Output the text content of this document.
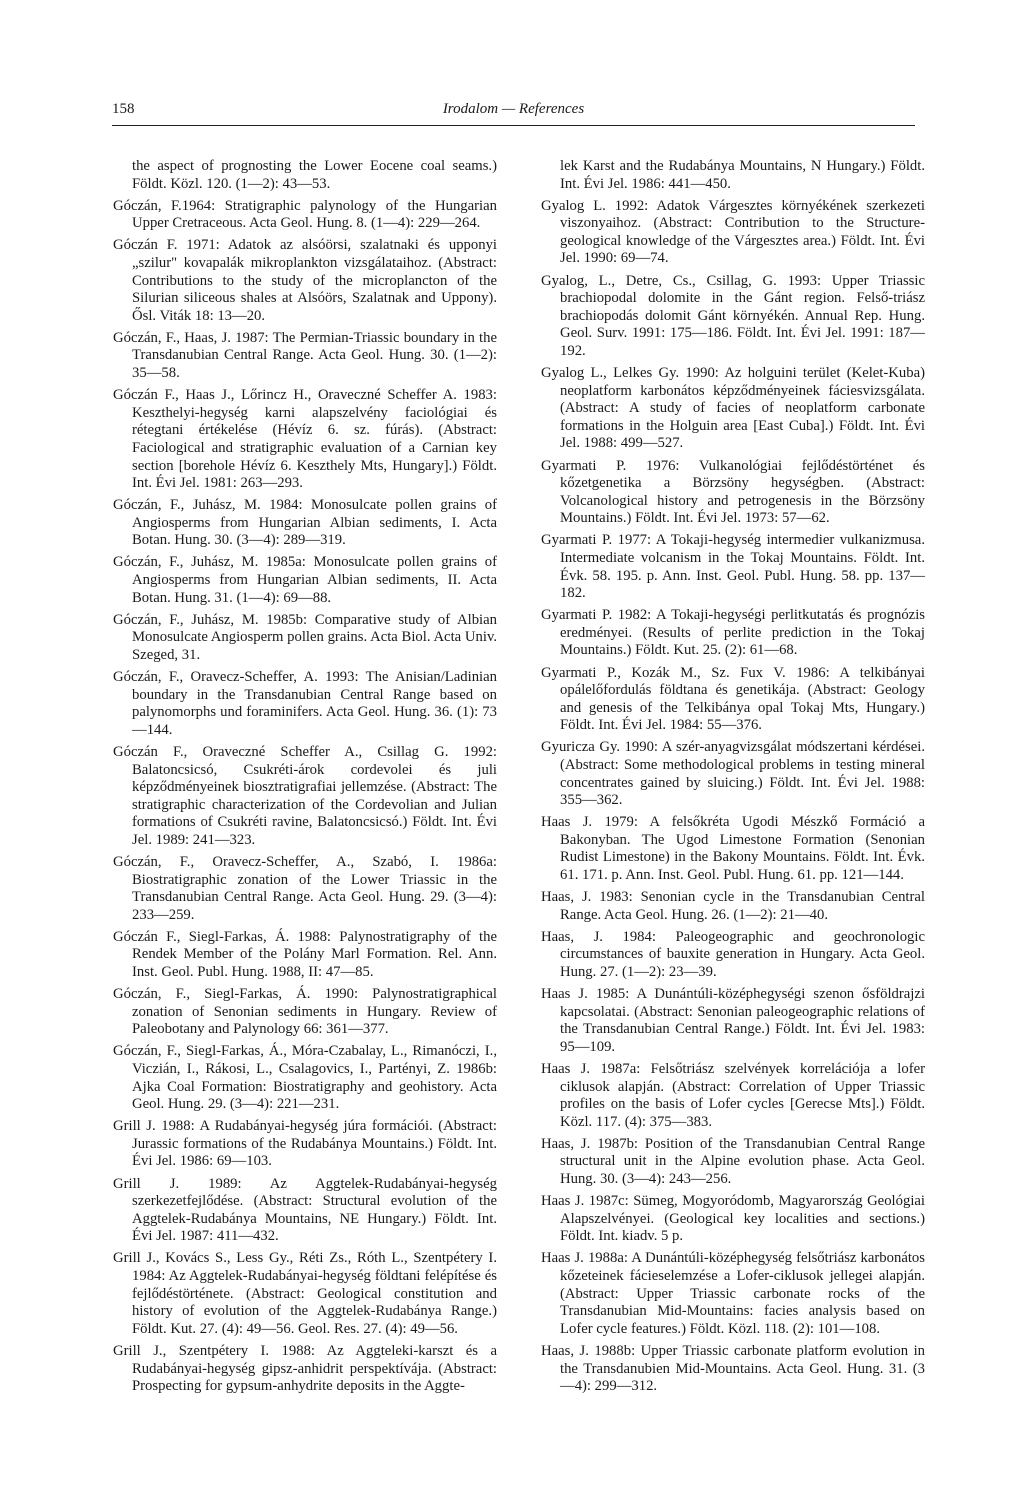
158	Irodalom — References

the aspect of prognosting the Lower Eocene coal seams.) Földt. Közl. 120. (1—2): 43—53.

Góczán, F.1964: Stratigraphic palynology of the Hungarian Upper Cretraceous. Acta Geol. Hung. 8. (1—4): 229—264.

Góczán F. 1971: Adatok az alsóörsi, szalatnaki és upponyi „szilur" kovapalák mikroplankton vizsgálataihoz. (Abstract: Contributions to the study of the microplancton of the Silurian siliceous shales at Alsóörs, Szalatnak and Uppony). Ősl. Viták 18: 13—20.

Góczán, F., Haas, J. 1987: The Permian-Triassic boundary in the Transdanubian Central Range. Acta Geol. Hung. 30. (1—2): 35—58.

Góczán F., Haas J., Lőrincz H., Oraveczné Scheffer A. 1983: Keszthelyi-hegység karni alapszelvény faciológiai és rétegtani értékelése (Hévíz 6. sz. fúrás). (Abstract: Faciological and stratigraphic evaluation of a Carnian key section [borehole Hévíz 6. Keszthely Mts, Hungary].) Földt. Int. Évi Jel. 1981: 263—293.

Góczán, F., Juhász, M. 1984: Monosulcate pollen grains of Angiosperms from Hungarian Albian sediments, I. Acta Botan. Hung. 30. (3—4): 289—319.

Góczán, F., Juhász, M. 1985a: Monosulcate pollen grains of Angiosperms from Hungarian Albian sediments, II. Acta Botan. Hung. 31. (1—4): 69—88.

Góczán, F., Juhász, M. 1985b: Comparative study of Albian Monosulcate Angiosperm pollen grains. Acta Biol. Acta Univ. Szeged, 31.

Góczán, F., Oravecz-Scheffer, A. 1993: The Anisian/Ladinian boundary in the Transdanubian Central Range based on palynomorphs und foraminifers. Acta Geol. Hung. 36. (1): 73—144.

Góczán F., Oraveczné Scheffer A., Csillag G. 1992: Balatoncsicsó, Csukréti-árok cordevolei és juli képződményeinek biosztratigrafiai jellemzése. (Abstract: The stratigraphic characterization of the Cordevolian and Julian formations of Csukréti ravine, Balatoncsicsó.) Földt. Int. Évi Jel. 1989: 241—323.

Góczán, F., Oravecz-Scheffer, A., Szabó, I. 1986a: Biostratigraphic zonation of the Lower Triassic in the Transdanubian Central Range. Acta Geol. Hung. 29. (3—4): 233—259.

Góczán F., Siegl-Farkas, Á. 1988: Palynostratigraphy of the Rendek Member of the Polány Marl Formation. Rel. Ann. Inst. Geol. Publ. Hung. 1988, II: 47—85.

Góczán, F., Siegl-Farkas, Á. 1990: Palynostratigraphical zonation of Senonian sediments in Hungary. Review of Paleobotany and Palynology 66: 361—377.

Góczán, F., Siegl-Farkas, Á., Móra-Czabalay, L., Rimanóczi, I., Viczián, I., Rákosi, L., Csalagovics, I., Partényi, Z. 1986b: Ajka Coal Formation: Biostratigraphy and geohistory. Acta Geol. Hung. 29. (3—4): 221—231.

Grill J. 1988: A Rudabányai-hegység júra formációi. (Abstract: Jurassic formations of the Rudabánya Mountains.) Földt. Int. Évi Jel. 1986: 69—103.

Grill J. 1989: Az Aggtelek-Rudabányai-hegység szerkezetfejlődése. (Abstract: Structural evolution of the Aggtelek-Rudabánya Mountains, NE Hungary.) Földt. Int. Évi Jel. 1987: 411—432.

Grill J., Kovács S., Less Gy., Réti Zs., Róth L., Szentpétery I. 1984: Az Aggtelek-Rudabányai-hegység földtani felépítése és fejlődéstörténete. (Abstract: Geological constitution and history of evolution of the Aggtelek-Rudabánya Range.) Földt. Kut. 27. (4): 49—56. Geol. Res. 27. (4): 49—56.

Grill J., Szentpétery I. 1988: Az Aggteleki-karszt és a Rudabányai-hegység gipsz-anhidrit perspektívája. (Abstract: Prospecting for gypsum-anhydrite deposits in the Aggte-

lek Karst and the Rudabánya Mountains, N Hungary.) Földt. Int. Évi Jel. 1986: 441—450.

Gyalog L. 1992: Adatok Várgesztes környékének szerkezeti viszonyaihoz. (Abstract: Contribution to the Structure-geological knowledge of the Várgesztes area.) Földt. Int. Évi Jel. 1990: 69—74.

Gyalog, L., Detre, Cs., Csillag, G. 1993: Upper Triassic brachiopodal dolomite in the Gánt region. Felső-triász brachiopodás dolomit Gánt környékén. Annual Rep. Hung. Geol. Surv. 1991: 175—186. Földt. Int. Évi Jel. 1991: 187—192.

Gyalog L., Lelkes Gy. 1990: Az holguini terület (Kelet-Kuba) neoplatform karbonátos képződményeinek fáciesvizsgálata. (Abstract: A study of facies of neoplatform carbonate formations in the Holguin area [East Cuba].) Földt. Int. Évi Jel. 1988: 499—527.

Gyarmati P. 1976: Vulkanológiai fejlődéstörténet és kőzetgenetika a Börzsöny hegységben. (Abstract: Volcanological history and petrogenesis in the Börzsöny Mountains.) Földt. Int. Évi Jel. 1973: 57—62.

Gyarmati P. 1977: A Tokaji-hegység intermedier vulkanizmusa. Intermediate volcanism in the Tokaj Mountains. Földt. Int. Évk. 58. 195. p. Ann. Inst. Geol. Publ. Hung. 58. pp. 137—182.

Gyarmati P. 1982: A Tokaji-hegységi perlitkutatás és prognózis eredményei. (Results of perlite prediction in the Tokaj Mountains.) Földt. Kut. 25. (2): 61—68.

Gyarmati P., Kozák M., Sz. Fux V. 1986: A telkibányai opálelőfordulás földtana és genetikája. (Abstract: Geology and genesis of the Telkibánya opal Tokaj Mts, Hungary.) Földt. Int. Évi Jel. 1984: 55—376.

Gyuricza Gy. 1990: A szér-anyagvizsgálat módszertani kérdései. (Abstract: Some methodological problems in testing mineral concentrates gained by sluicing.) Földt. Int. Évi Jel. 1988: 355—362.

Haas J. 1979: A felsőkréta Ugodi Mészkő Formáció a Bakonyban. The Ugod Limestone Formation (Senonian Rudist Limestone) in the Bakony Mountains. Földt. Int. Évk. 61. 171. p. Ann. Inst. Geol. Publ. Hung. 61. pp. 121—144.

Haas, J. 1983: Senonian cycle in the Transdanubian Central Range. Acta Geol. Hung. 26. (1—2): 21—40.

Haas, J. 1984: Paleogeographic and geochronologic circumstances of bauxite generation in Hungary. Acta Geol. Hung. 27. (1—2): 23—39.

Haas J. 1985: A Dunántúli-középhegységi szenon ősföldrajzi kapcsolatai. (Abstract: Senonian paleogeographic relations of the Transdanubian Central Range.) Földt. Int. Évi Jel. 1983: 95—109.

Haas J. 1987a: Felsőtriász szelvények korrelációja a lofer ciklusok alapján. (Abstract: Correlation of Upper Triassic profiles on the basis of Lofer cycles [Gerecse Mts].) Földt. Közl. 117. (4): 375—383.

Haas, J. 1987b: Position of the Transdanubian Central Range structural unit in the Alpine evolution phase. Acta Geol. Hung. 30. (3—4): 243—256.

Haas J. 1987c: Sümeg, Mogyoródomb, Magyarország Geológiai Alapszelvényei. (Geological key localities and sections.) Földt. Int. kiadv. 5 p.

Haas J. 1988a: A Dunántúli-középhegység felsőtriász karbonátos kőzeteinek fácieselemzése a Lofer-ciklusok jellegei alapján. (Abstract: Upper Triassic carbonate rocks of the Transdanubian Mid-Mountains: facies analysis based on Lofer cycle features.) Földt. Közl. 118. (2): 101—108.

Haas, J. 1988b: Upper Triassic carbonate platform evolution in the Transdanubien Mid-Mountains. Acta Geol. Hung. 31. (3—4): 299—312.
